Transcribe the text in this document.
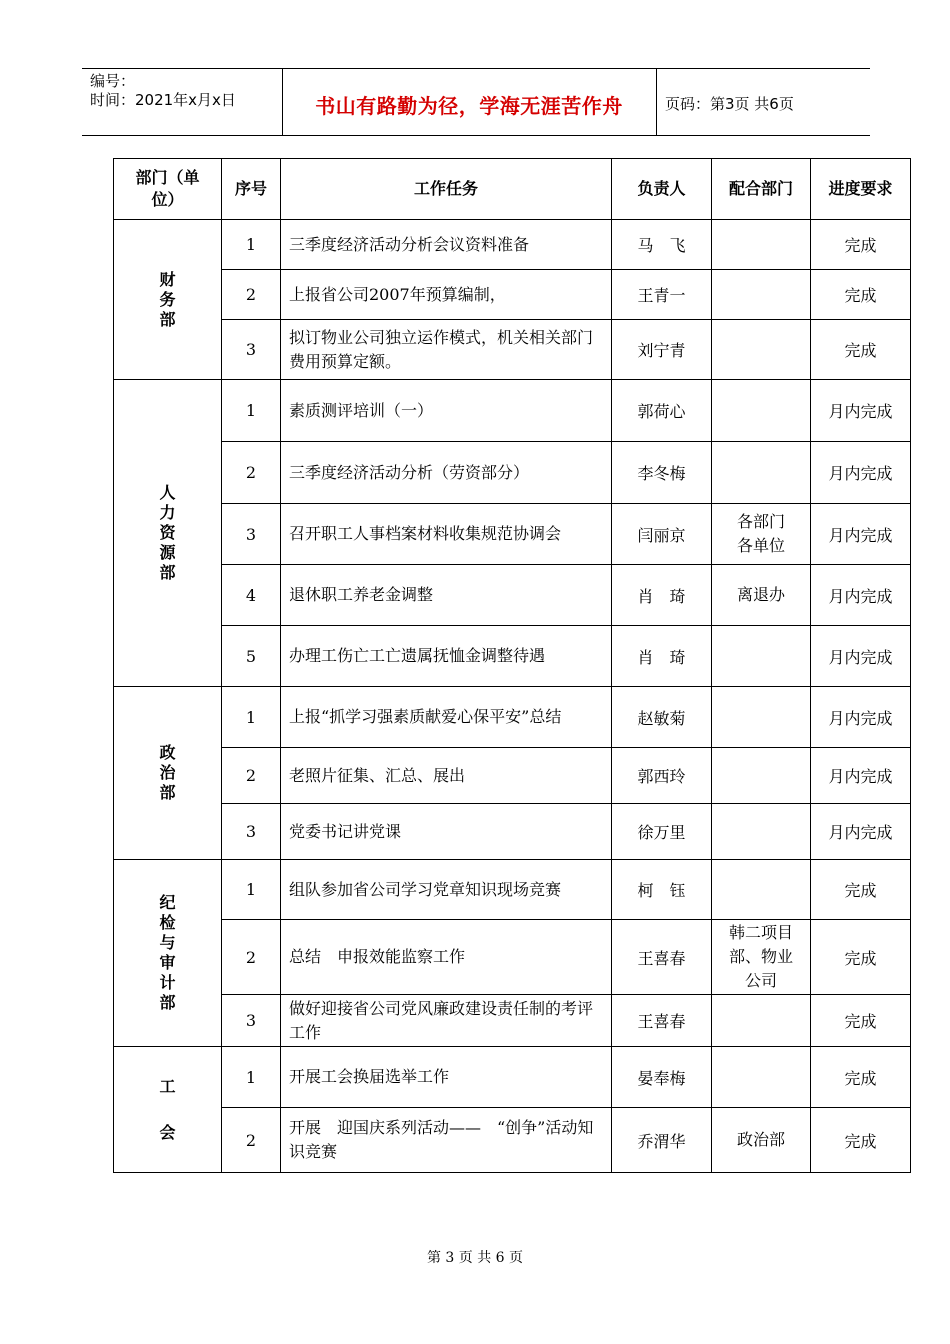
编号：
时间：2021年x月x日	书山有路勤为径，学海无涯苦作舟	页码：第3页 共6页
部门（单位）	序号	工作任务	负责人	配合部门	进度要求
财务部	1	三季度经济活动分析会议资料准备	马　飞		完成
	2	上报省公司2007年预算编制，	王青一		完成
	3	拟订物业公司独立运作模式，机关相关部门费用预算定额。	刘宁青		完成
人力资源部	1	素质测评培训（一）	郭荷心		月内完成
	2	三季度经济活动分析（劳资部分）	李冬梅		月内完成
	3	召开职工人事档案材料收集规范协调会	闫丽京	各部门各单位	月内完成
	4	退休职工养老金调整	肖　琦	离退办	月内完成
	5	办理工伤亡工亡遗属抚恤金调整待遇	肖　琦		月内完成
政治部	1	上报“抓学习强素质献爱心保平安”总结	赵敏菊		月内完成
	2	老照片征集、汇总、展出	郭西玲		月内完成
	3	党委书记讲党课	徐万里		月内完成
纪检与审计部	1	组队参加省公司学习党章知识现场竞赛	柯　钰		完成
	2	总结　申报效能监察工作	王喜春	韩二项目部、物业公司	完成
	3	做好迎接省公司党风廉政建设责任制的考评工作	王喜春		完成
工会	1	开展工会换届选举工作	晏奉梅		完成
	2	开展　迎国庆系列活动——　“创争”活动知识竞赛	乔渭华	政治部	完成
第 3 页 共 6 页
